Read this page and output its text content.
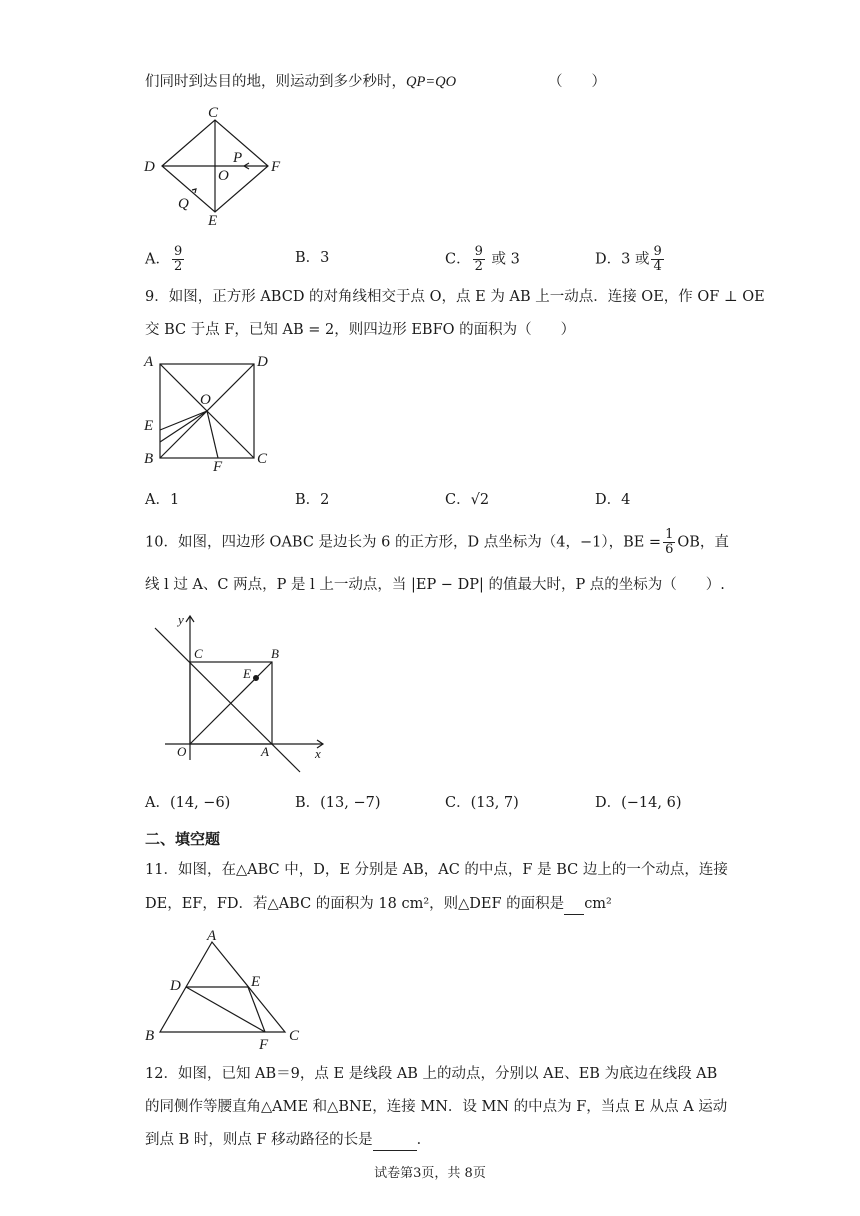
们同时到达目的地，则运动到多少秒时，QP=QO	（　　）
C
D	F
E
O
P
Q
A． $\frac{9}{2}$	B．3	C． $\frac{9}{2}$ 或 3	D．3 或 $\frac{9}{4}$
9．如图，正方形 ABCD 的对角线相交于点 O，点 E 为 AB 上一动点．连接 OE，作 OF ⊥ OE
交 BC 于点 F，已知 AB = 2，则四边形 EBFO 的面积为（　　）
A	D
O
E
B	F C
A．1	B．2	C．√2	D．4
10．如图，四边形 OABC 是边长为 6 的正方形，D 点坐标为（4，−1），BE = $\frac{1}{6}$ OB，直
线 l 过 A、C 两点，P 是 l 上一动点，当 |EP − DP| 的值最大时，P 点的坐标为（　　）.
y
x
C	B
E
O	A
A．(14, −6)	B．(13, −7)	C．(13, 7)	D．(−14, 6)
二、填空题
11．如图，在△ABC 中，D，E 分别是 AB，AC 的中点，F 是 BC 边上的一个动点，连接
DE，EF，FD．若△ABC 的面积为 18 cm²，则△DEF 的面积是 cm²
A
D	E
B
F
C
12．如图，已知 AB＝9，点 E 是线段 AB 上的动点，分别以 AE、EB 为底边在线段 AB
的同侧作等腰直角△AME 和△BNE，连接 MN．设 MN 的中点为 F，当点 E 从点 A 运动
到点 B 时，则点 F 移动路径的长是	．
试卷第3页，共 8页
